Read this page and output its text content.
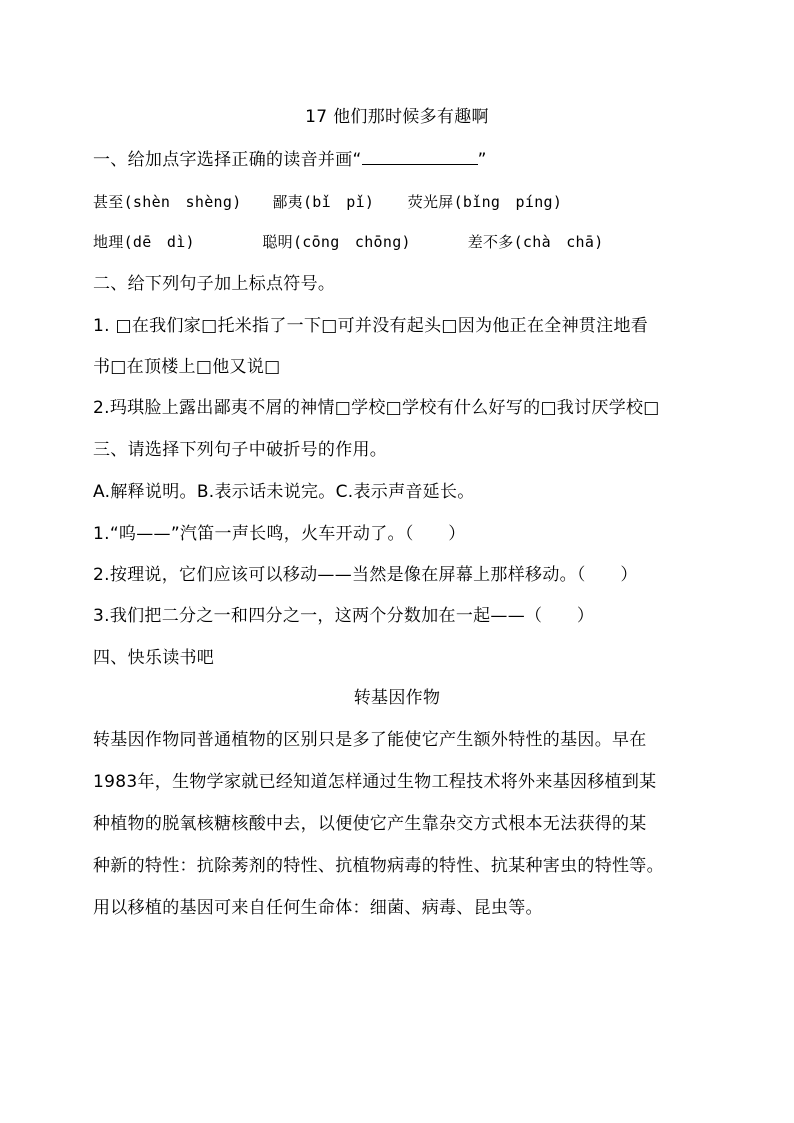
17 他们那时候多有趣啊
一、给加点字选择正确的读音并画“	”
甚至(shèn　shèng) 鄙夷(bǐ　pǐ) 荧光屏(bǐng　píng)
地理(dē　dì)	聪明(cōng　chōng)	差不多(chà　chā)
二、给下列句子加上标点符号。
1. □在我们家□托米指了一下□可并没有起头□因为他正在全神贯注地看
书□在顶楼上□他又说□
2.玛琪脸上露出鄙夷不屑的神情□学校□学校有什么好写的□我讨厌学校□
三、请选择下列句子中破折号的作用。
A.解释说明。B.表示话未说完。C.表示声音延长。
1.“呜——”汽笛一声长鸣，火车开动了。（　　）
2.按理说，它们应该可以移动——当然是像在屏幕上那样移动。（　　）
3.我们把二分之一和四分之一，这两个分数加在一起——（　　）
四、快乐读书吧
转基因作物
转基因作物同普通植物的区别只是多了能使它产生额外特性的基因。早在
1983年，生物学家就已经知道怎样通过生物工程技术将外来基因移植到某
种植物的脱氧核糖核酸中去，以便使它产生靠杂交方式根本无法获得的某
种新的特性：抗除莠剂的特性、抗植物病毒的特性、抗某种害虫的特性等。
用以移植的基因可来自任何生命体：细菌、病毒、昆虫等。
